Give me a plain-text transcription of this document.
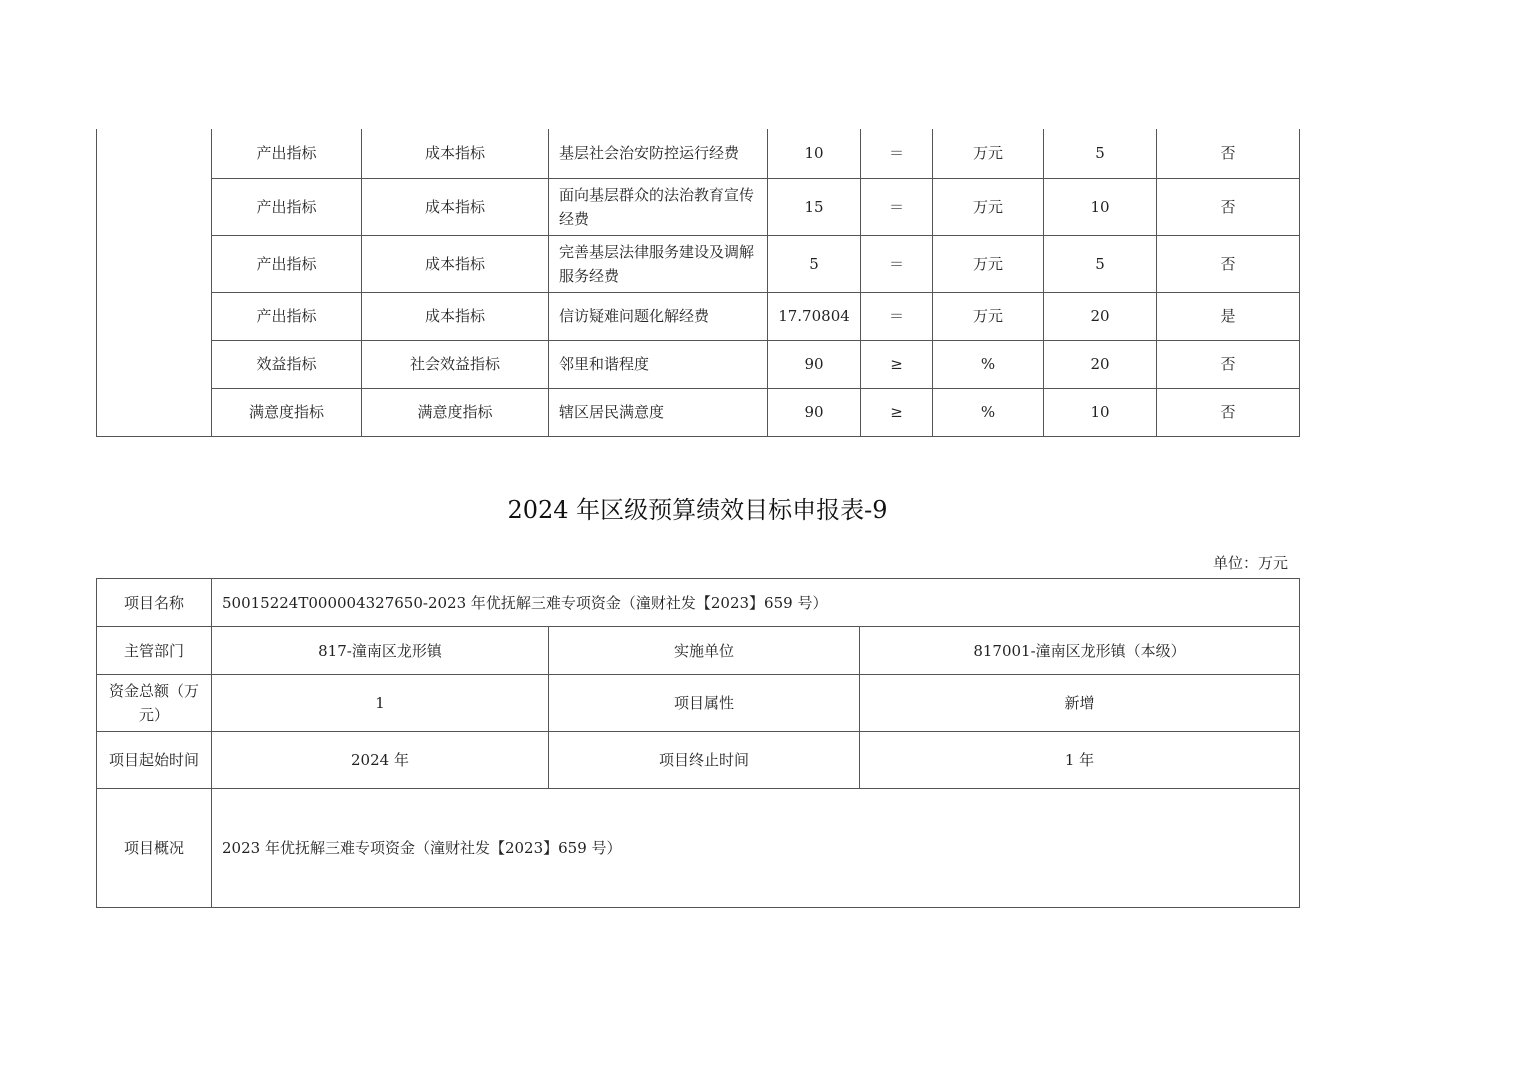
	产出指标	成本指标	基层社会治安防控运行经费	10	＝	万元	5	否
	产出指标	成本指标	面向基层群众的法治教育宣传经费	15	＝	万元	10	否
	产出指标	成本指标	完善基层法律服务建设及调解服务经费	5	＝	万元	5	否
	产出指标	成本指标	信访疑难问题化解经费	17.70804	＝	万元	20	是
	效益指标	社会效益指标	邻里和谐程度	90	≥	%	20	否
	满意度指标	满意度指标	辖区居民满意度	90	≥	%	10	否
2024 年区级预算绩效目标申报表-9
单位：万元
项目名称	50015224T000004327650-2023 年优抚解三难专项资金（潼财社发【2023】659 号）		
主管部门	817-潼南区龙形镇	实施单位	817001-潼南区龙形镇（本级）
资金总额（万元）	1	项目属性	新增
项目起始时间	2024 年	项目终止时间	1 年
项目概况	2023 年优抚解三难专项资金（潼财社发【2023】659 号）		
